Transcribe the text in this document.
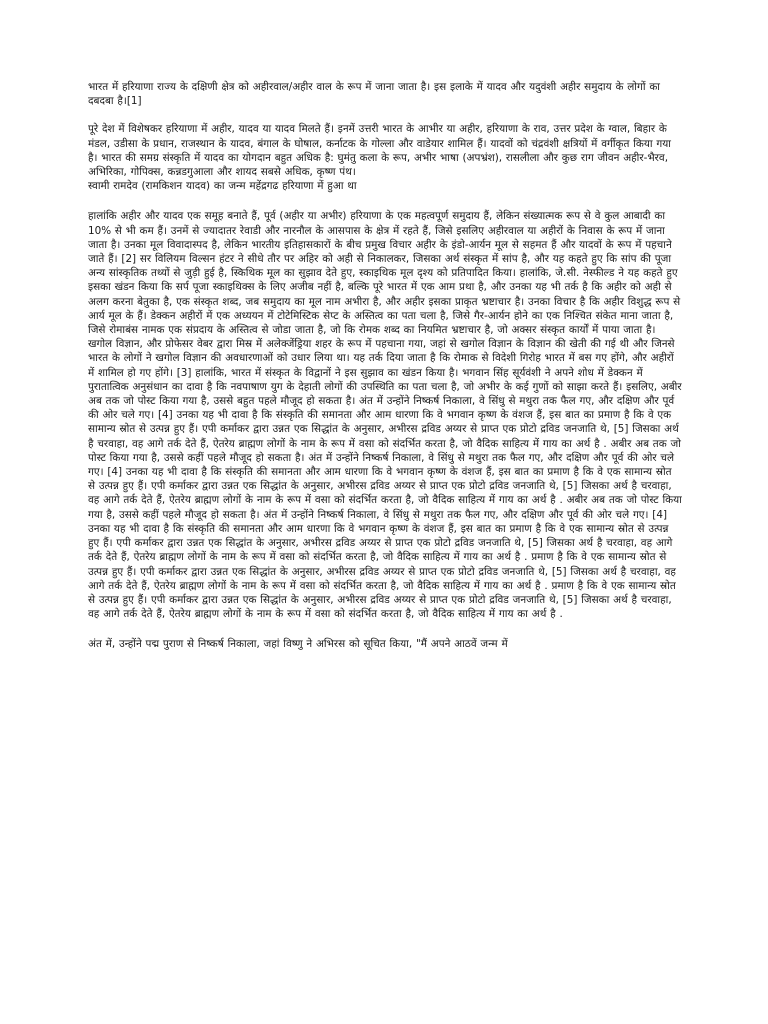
भारत में हरियाणा राज्य के दक्षिणी क्षेत्र को अहीरवाल/अहीर वाल के रूप में जाना जाता है। इस इलाके में यादव और यदुवंशी अहीर समुदाय के लोगों का दबदबा है।[1]

पूरे देश में विशेषकर हरियाणा में अहीर, यादव या यादव मिलते हैं। इनमें उत्तरी भारत के आभीर या अहीर, हरियाणा के राव, उत्तर प्रदेश के ग्वाल, बिहार के मंडल, उडीसा के प्रधान, राजस्थान के यादव, बंगाल के घोषाल, कर्नाटक के गोल्ला और वाडेयार शामिल हैं। यादवों को चंद्रवंशी क्षत्रियों में वर्गीकृत किया गया है। भारत की समग्र संस्कृति में यादव का योगदान बहुत अधिक है: घुमंतु कला के रूप, अभीर भाषा (अपभ्रंश), रासलीला और कुछ राग जीवन अहीर-भैरव, अभिरिका, गोपिक्स, कन्नडगुआला और शायद सबसे अधिक, कृष्ण पंथ।

स्वामी रामदेव (रामकिशन यादव) का जन्म महेंद्रगढ हरियाणा में हुआ था

हालांकि अहीर और यादव एक समूह बनाते हैं, पूर्व (अहीर या अभीर) हरियाणा के एक महत्वपूर्ण समुदाय हैं, लेकिन संख्यात्मक रूप से वे कुल आबादी का 10% से भी कम हैं। उनमें से ज्यादातर रेवाडी और नारनौल के आसपास के क्षेत्र में रहते हैं, जिसे इसलिए अहीरवाल या अहीरों के निवास के रूप में जाना जाता है। उनका मूल विवादास्पद है, लेकिन भारतीय इतिहासकारों के बीच प्रमुख विचार अहीर के इंडो-आर्यन मूल से सहमत हैं और यादवों के रूप में पहचाने जाते हैं। [2] सर विलियम विल्सन हंटर ने सीधे तौर पर अहिर को अही से निकालकर, जिसका अर्थ संस्कृत में सांप है, और यह कहते हुए कि सांप की पूजा अन्य सांस्कृतिक तथ्यों से जुड़ी हुई है, स्किथिक मूल का सुझाव देते हुए, स्काइथिक मूल दृश्य को प्रतिपादित किया। हालांकि, जे.सी. नेस्फील्ड ने यह कहते हुए इसका खंडन किया कि सर्प पूजा स्काइथिक्स के लिए अजीब नहीं है, बल्कि पूरे भारत में एक आम प्रथा है, और उनका यह भी तर्क है कि अहीर को अही से अलग करना बेतुका है, एक संस्कृत शब्द, जब समुदाय का मूल नाम अभीरा है, और अहीर इसका प्राकृत भ्रष्टाचार है। उनका विचार है कि अहीर विशुद्ध रूप से आर्य मूल के हैं। डेक्कन अहीरों में एक अध्ययन में टोटेमिस्टिक सेप्ट के अस्तित्व का पता चला है, जिसे गैर-आर्यन होने का एक निश्चित संकेत माना जाता है, जिसे रोमाबंस नामक एक संप्रदाय के अस्तित्व से जोडा जाता है, जो कि रोमक शब्द का नियमित भ्रष्टाचार है, जो अक्सर संस्कृत कार्यों में पाया जाता है। खगोल विज्ञान, और प्रोफेसर वेबर द्वारा मिस्र में अलेक्जेंड्रिया शहर के रूप में पहचाना गया, जहां से खगोल विज्ञान के विज्ञान की खेती की गई थी और जिनसे भारत के लोगों ने खगोल विज्ञान की अवधारणाओं को उधार लिया था। यह तर्क दिया जाता है कि रोमाक से विदेशी गिरोह भारत में बस गए होंगे, और अहीरों में शामिल हो गए होंगे। [3] हालांकि, भारत में संस्कृत के विद्वानों ने इस सुझाव का खंडन किया है। भगवान सिंह सूर्यवंशी ने अपने शोध में डेक्कन में पुरातात्विक अनुसंधान का दावा है कि नवपाषाण युग के देहाती लोगों की उपस्थिति का पता चला है, जो अभीर के कई गुणों को साझा करते हैं। इसलिए, अबीर अब तक जो पोस्ट किया गया है, उससे बहुत पहले मौजूद हो सकता है। अंत में उन्होंने निष्कर्ष निकाला, वे सिंधु से मथुरा तक फैल गए, और दक्षिण और पूर्व की ओर चले गए। [4] उनका यह भी दावा है कि संस्कृति की समानता और आम धारणा कि वे भगवान कृष्ण के वंशज हैं, इस बात का प्रमाण है कि वे एक सामान्य स्रोत से उत्पन्न हुए हैं। एपी कर्माकर द्वारा उन्नत एक सिद्धांत के अनुसार, अभीरस द्रविड अय्यर से प्राप्त एक प्रोटो द्रविड जनजाति थे, [5] जिसका अर्थ है चरवाहा, वह आगे तर्क देते हैं, ऐतरेय ब्राह्मण लोगों के नाम के रूप में वसा को संदर्भित करता है, जो वैदिक साहित्य में गाय का अर्थ है . अबीर अब तक जो पोस्ट किया गया है, उससे कहीं पहले मौजूद हो सकता है। अंत में उन्होंने निष्कर्ष निकाला, वे सिंधु से मथुरा तक फैल गए, और दक्षिण और पूर्व की ओर चले गए। [4] उनका यह भी दावा है कि संस्कृति की समानता और आम धारणा कि वे भगवान कृष्ण के वंशज हैं, इस बात का प्रमाण है कि वे एक सामान्य स्रोत से उत्पन्न हुए हैं। एपी कर्माकर द्वारा उन्नत एक सिद्धांत के अनुसार, अभीरस द्रविड अय्यर से प्राप्त एक प्रोटो द्रविड जनजाति थे, [5] जिसका अर्थ है चरवाहा, वह आगे तर्क देते हैं, ऐतरेय ब्राह्मण लोगों के नाम के रूप में वसा को संदर्भित करता है, जो वैदिक साहित्य में गाय का अर्थ है . अबीर अब तक जो पोस्ट किया गया है, उससे कहीं पहले मौजूद हो सकता है। अंत में उन्होंने निष्कर्ष निकाला, वे सिंधु से मथुरा तक फैल गए, और दक्षिण और पूर्व की ओर चले गए। [4] उनका यह भी दावा है कि संस्कृति की समानता और आम धारणा कि वे भगवान कृष्ण के वंशज हैं, इस बात का प्रमाण है कि वे एक सामान्य स्रोत से उत्पन्न हुए हैं। एपी कर्माकर द्वारा उन्नत एक सिद्धांत के अनुसार, अभीरस द्रविड अय्यर से प्राप्त एक प्रोटो द्रविड जनजाति थे, [5] जिसका अर्थ है चरवाहा, वह आगे तर्क देते हैं, ऐतरेय ब्राह्मण लोगों के नाम के रूप में वसा को संदर्भित करता है, जो वैदिक साहित्य में गाय का अर्थ है . प्रमाण है कि वे एक सामान्य स्रोत से उत्पन्न हुए हैं। एपी कर्माकर द्वारा उन्नत एक सिद्धांत के अनुसार, अभीरस द्रविड अय्यर से प्राप्त एक प्रोटो द्रविड जनजाति थे, [5] जिसका अर्थ है चरवाहा, वह आगे तर्क देते हैं, ऐतरेय ब्राह्मण लोगों के नाम के रूप में वसा को संदर्भित करता है, जो वैदिक साहित्य में गाय का अर्थ है . प्रमाण है कि वे एक सामान्य स्रोत से उत्पन्न हुए हैं। एपी कर्माकर द्वारा उन्नत एक सिद्धांत के अनुसार, अभीरस द्रविड अय्यर से प्राप्त एक प्रोटो द्रविड जनजाति थे, [5] जिसका अर्थ है चरवाहा, वह आगे तर्क देते हैं, ऐतरेय ब्राह्मण लोगों के नाम के रूप में वसा को संदर्भित करता है, जो वैदिक साहित्य में गाय का अर्थ है .

अंत में, उन्होंने पद्म पुराण से निष्कर्ष निकाला, जहां विष्णु ने अभिरस को सूचित किया, "मैं अपने आठवें जन्म में
